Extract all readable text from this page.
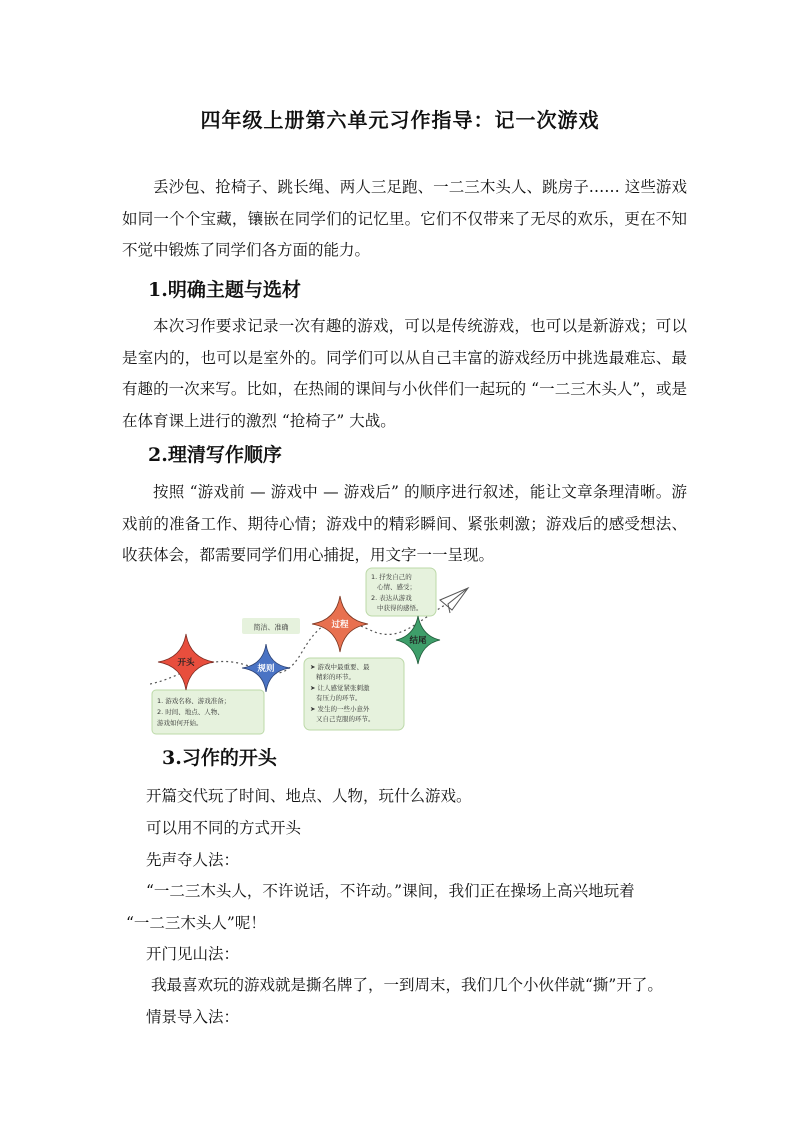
四年级上册第六单元习作指导：记一次游戏

丢沙包、抢椅子、跳长绳、两人三足跑、一二三木头人、跳房子…… 这些游戏如同一个个宝藏，镶嵌在同学们的记忆里。它们不仅带来了无尽的欢乐，更在不知不觉中锻炼了同学们各方面的能力。

1.明确主题与选材

本次习作要求记录一次有趣的游戏，可以是传统游戏，也可以是新游戏；可以是室内的，也可以是室外的。同学们可以从自己丰富的游戏经历中挑选最难忘、最有趣的一次来写。比如，在热闹的课间与小伙伴们一起玩的 “一二三木头人”，或是在体育课上进行的激烈 “抢椅子” 大战。

2.理清写作顺序

按照 “游戏前 — 游戏中 — 游戏后” 的顺序进行叙述，能让文章条理清晰。游戏前的准备工作、期待心情；游戏中的精彩瞬间、紧张刺激；游戏后的感受想法、收获体会，都需要同学们用心捕捉，用文字一一呈现。

简洁、准确
1. 游戏名称、游戏准备；
2. 时间、地点、人物、
游戏如何开始。
➤ 游戏中最重要、最
精彩的环节。
➤ 让人感觉紧张刺激
有压力的环节。
➤ 发生的一些小意外
又自己克服的环节。
1. 抒发自己的
心情、感受；
2. 表达从游戏
中获得的感悟。
开头
规则
过程
结尾
3.习作的开头

开篇交代玩了时间、地点、人物，玩什么游戏。

可以用不同的方式开头

先声夺人法：

“一二三木头人，不许说话，不许动。”课间，我们正在操场上高兴地玩着

“一二三木头人”呢！

开门见山法：

我最喜欢玩的游戏就是撕名牌了，一到周末，我们几个小伙伴就“撕”开了。

情景导入法：
